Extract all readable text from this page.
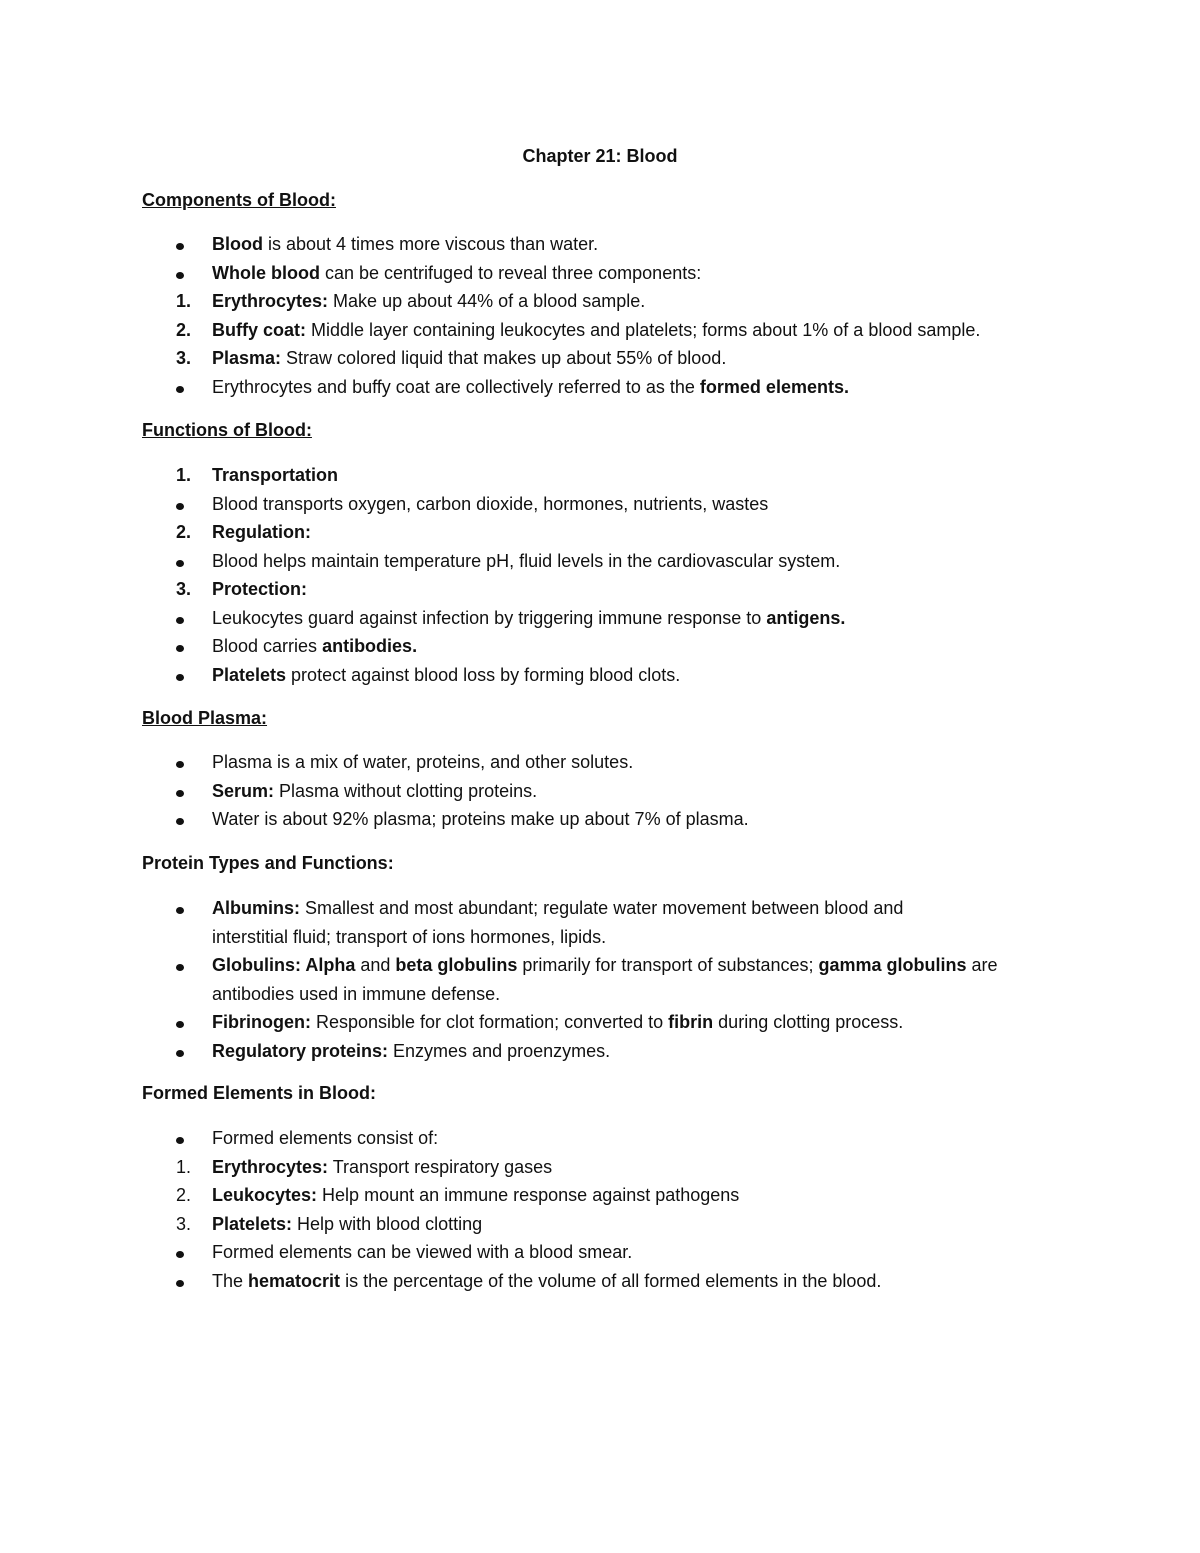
Chapter 21: Blood
Components of Blood:
Blood is about 4 times more viscous than water.
Whole blood can be centrifuged to reveal three components:
1.	Erythrocytes: Make up about 44% of a blood sample.
2.	Buffy coat: Middle layer containing leukocytes and platelets; forms about 1% of a blood sample.
3.	Plasma: Straw colored liquid that makes up about 55% of blood.
Erythrocytes and buffy coat are collectively referred to as the formed elements.
Functions of Blood:
1.	Transportation
Blood transports oxygen, carbon dioxide, hormones, nutrients, wastes
2.	Regulation:
Blood helps maintain temperature pH, fluid levels in the cardiovascular system.
3.	Protection:
Leukocytes guard against infection by triggering immune response to antigens.
Blood carries antibodies.
Platelets protect against blood loss by forming blood clots.
Blood Plasma:
Plasma is a mix of water, proteins, and other solutes.
Serum: Plasma without clotting proteins.
Water is about 92% plasma; proteins make up about 7% of plasma.
Protein Types and Functions:
Albumins: Smallest and most abundant; regulate water movement between blood and
interstitial fluid; transport of ions hormones, lipids.
Globulins: Alpha and beta globulins primarily for transport of substances; gamma globulins are
antibodies used in immune defense.
Fibrinogen: Responsible for clot formation; converted to fibrin during clotting process.
Regulatory proteins: Enzymes and proenzymes.
Formed Elements in Blood:
Formed elements consist of:
1.	Erythrocytes: Transport respiratory gases
2.	Leukocytes: Help mount an immune response against pathogens
3.	Platelets: Help with blood clotting
Formed elements can be viewed with a blood smear.
The hematocrit is the percentage of the volume of all formed elements in the blood.
